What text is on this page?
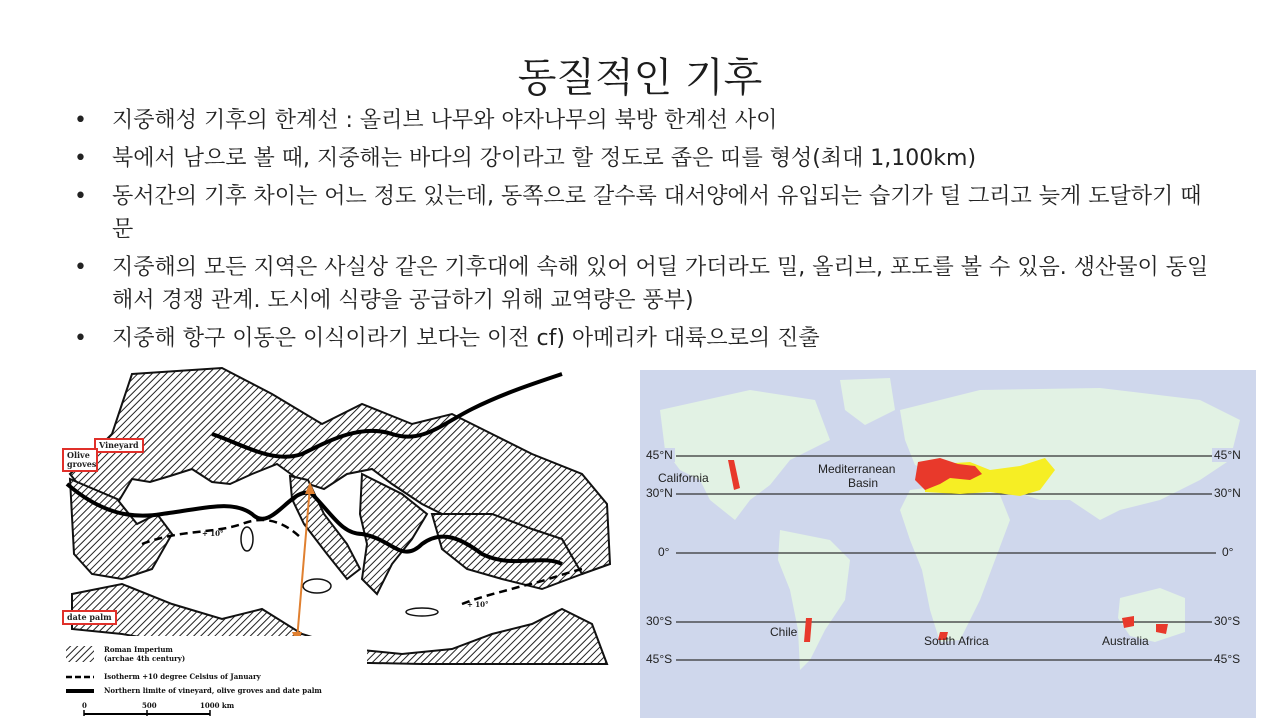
동질적인 기후
• 지중해성 기후의 한계선 : 올리브 나무와 야자나무의 북방 한계선 사이
• 북에서 남으로 볼 때, 지중해는 바다의 강이라고 할 정도로 좁은 띠를 형성(최대 1,100km)
• 동서간의 기후 차이는 어느 정도 있는데, 동쪽으로 갈수록 대서양에서 유입되는 습기가 덜 그리고 늦게 도달하기 때문
• 지중해의 모든 지역은 사실상 같은 기후대에 속해 있어 어딜 가더라도 밀, 올리브, 포도를 볼 수 있음. 생산물이 동일해서 경쟁 관계. 도시에 식량을 공급하기 위해 교역량은 풍부)
• 지중해 항구 이동은 이식이라기 보다는 이전 cf) 아메리카 대륙으로의 진출
+ 10°
+ 10°
Roman Imperium
(archae 4th century)
Isotherm +10 degree Celsius of January
Northern limite of vineyard, olive groves and date palm
0	500	1000 km
Vineyard
Olive groves
date palm
45°N
30°N
0°
30°S
45°S
45°N
30°N
0°
30°S
45°S
California
Mediterranean
Basin
Chile
South Africa	Australia
